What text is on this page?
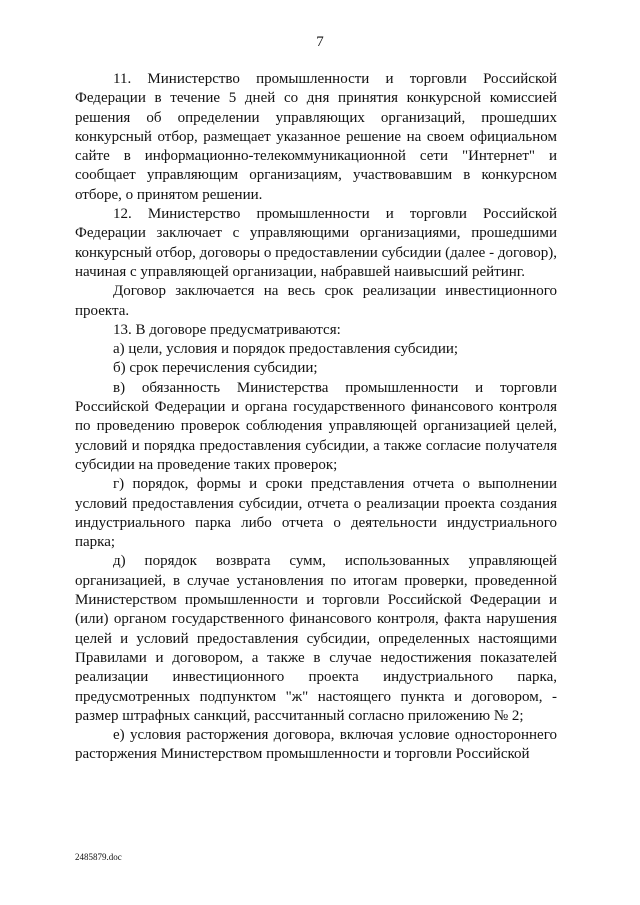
7

11. Министерство промышленности и торговли Российской Федерации в течение 5 дней со дня принятия конкурсной комиссией решения об определении управляющих организаций, прошедших конкурсный отбор, размещает указанное решение на своем официальном сайте в информационно-телекоммуникационной сети "Интернет" и сообщает управляющим организациям, участвовавшим в конкурсном отборе, о принятом решении.

12. Министерство промышленности и торговли Российской Федерации заключает с управляющими организациями, прошедшими конкурсный отбор, договоры о предоставлении субсидии (далее - договор), начиная с управляющей организации, набравшей наивысший рейтинг.

Договор заключается на весь срок реализации инвестиционного проекта.

13. В договоре предусматриваются:

а) цели, условия и порядок предоставления субсидии;

б) срок перечисления субсидии;

в) обязанность Министерства промышленности и торговли Российской Федерации и органа государственного финансового контроля по проведению проверок соблюдения управляющей организацией целей, условий и порядка предоставления субсидии, а также согласие получателя субсидии на проведение таких проверок;

г) порядок, формы и сроки представления отчета о выполнении условий предоставления субсидии, отчета о реализации проекта создания индустриального парка либо отчета о деятельности индустриального парка;

д) порядок возврата сумм, использованных управляющей организацией, в случае установления по итогам проверки, проведенной Министерством промышленности и торговли Российской Федерации и (или) органом государственного финансового контроля, факта нарушения целей и условий предоставления субсидии, определенных настоящими Правилами и договором, а также в случае недостижения показателей реализации инвестиционного проекта индустриального парка, предусмотренных подпунктом "ж" настоящего пункта и договором, - размер штрафных санкций, рассчитанный согласно приложению № 2;

е) условия расторжения договора, включая условие одностороннего расторжения Министерством промышленности и торговли Российской

2485879.doc
